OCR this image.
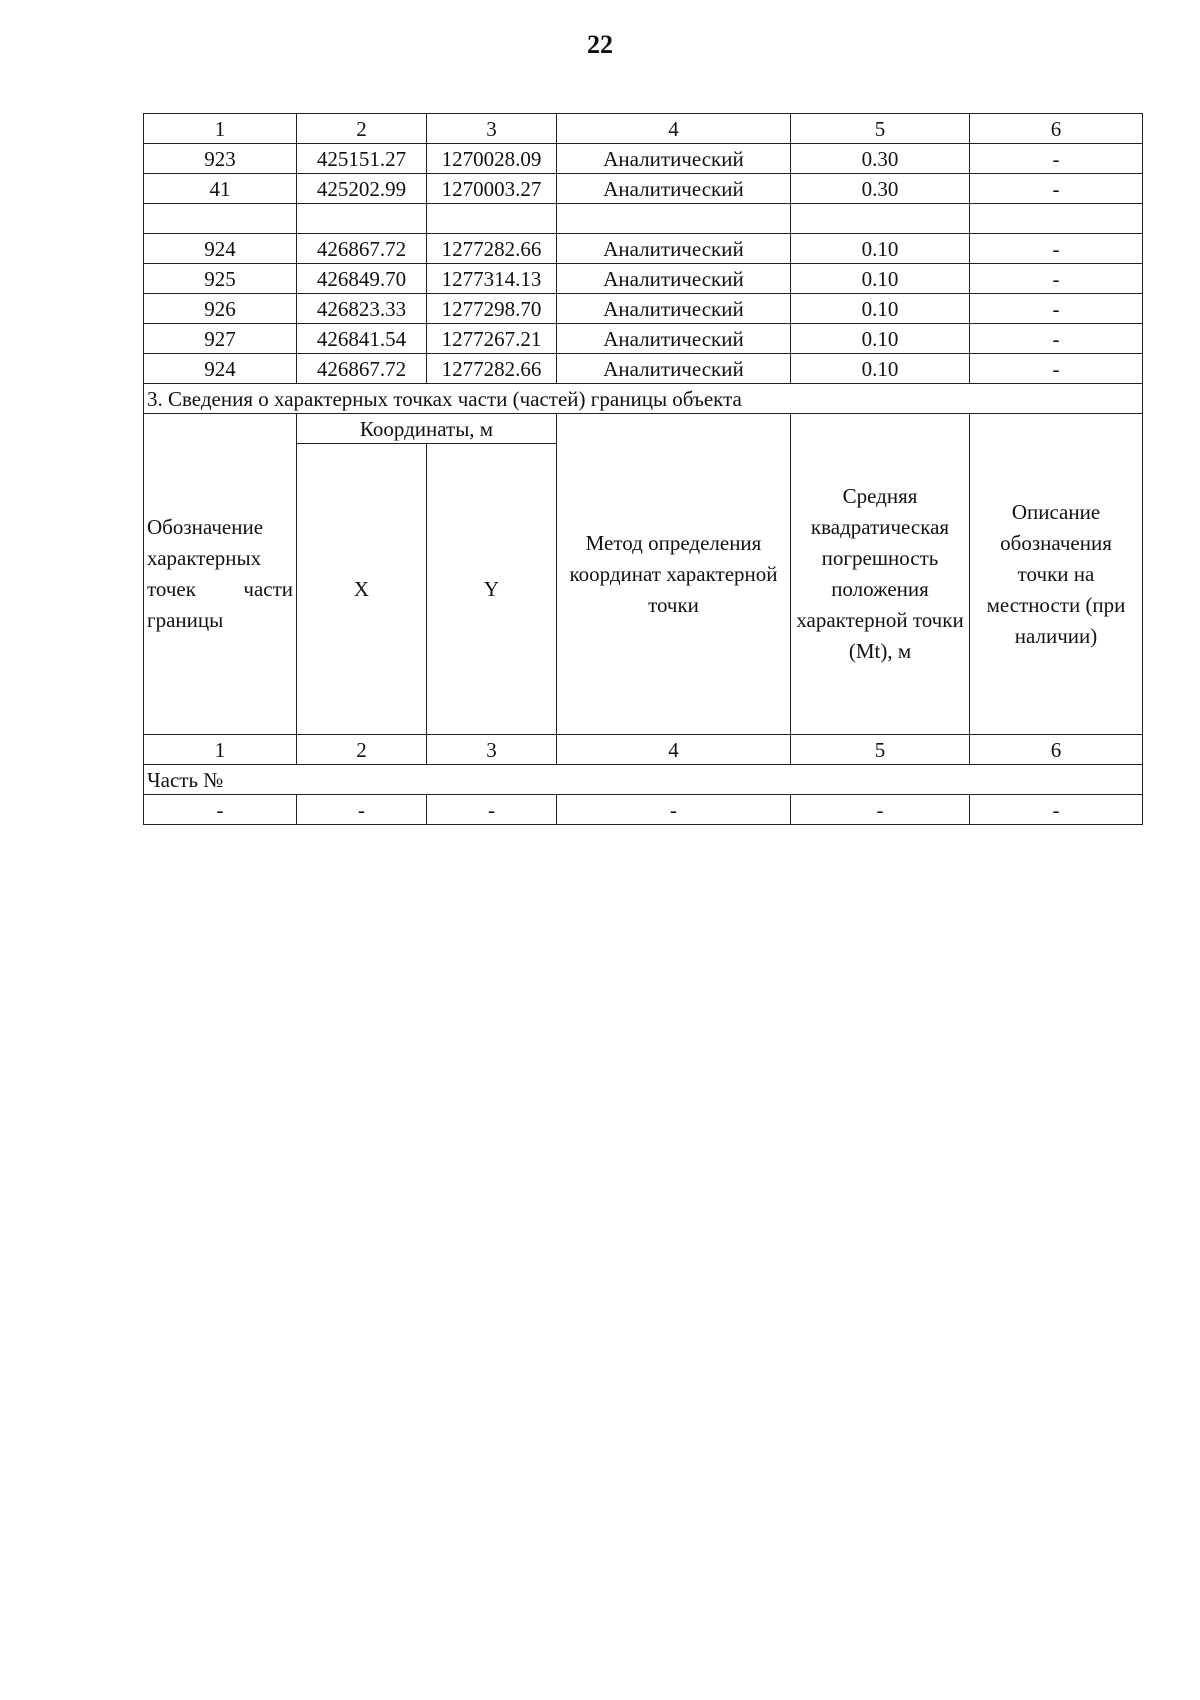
22
1	2	3	4	5	6
923	425151.27	1270028.09	Аналитический	0.30	-
41	425202.99	1270003.27	Аналитический	0.30	-

924	426867.72	1277282.66	Аналитический	0.10	-
925	426849.70	1277314.13	Аналитический	0.10	-
926	426823.33	1277298.70	Аналитический	0.10	-
927	426841.54	1277267.21	Аналитический	0.10	-
924	426867.72	1277282.66	Аналитический	0.10	-
3. Сведения о характерных точках части (частей) границы объекта					
Обозначение характерных точек части границы	Координаты, м		Метод определения координат характерной точки	Средняя квадратическая погрешность положения характерной точки (Mt), м	Описание обозначения точки на местности (при наличии)
	X	Y			
1	2	3	4	5	6
Часть №					
-	-	-	-	-	-
